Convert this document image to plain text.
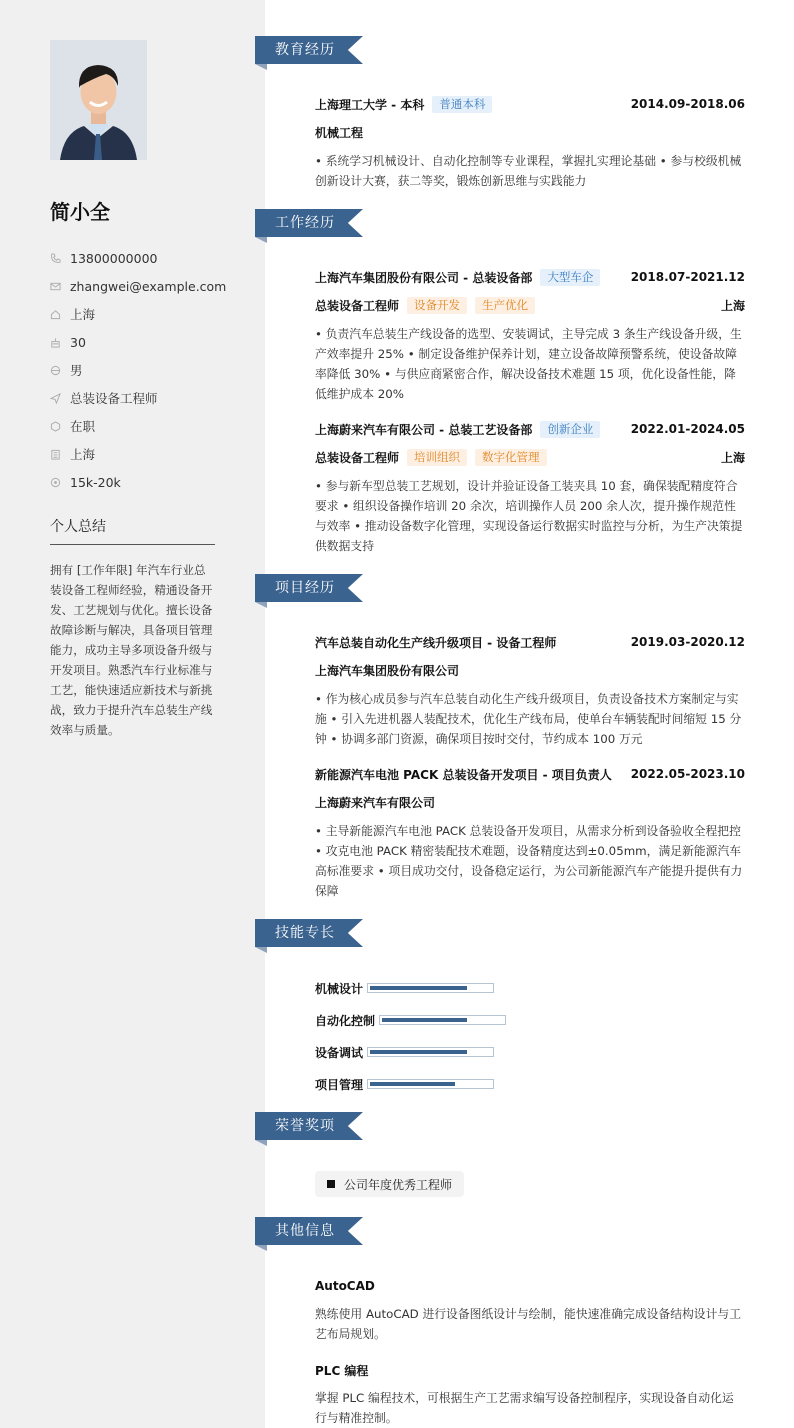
简小全
13800000000
zhangwei@example.com
上海
30
男
总装设备工程师
在职
上海
15k-20k
个人总结
拥有 [工作年限] 年汽车行业总装设备工程师经验，精通设备开发、工艺规划与优化。擅长设备故障诊断与解决，具备项目管理能力，成功主导多项设备升级与开发项目。熟悉汽车行业标准与工艺，能快速适应新技术与新挑战，致力于提升汽车总装生产线效率与质量。
教育经历
上海理工大学 - 本科	普通本科	2014.09-2018.06
机械工程
• 系统学习机械设计、自动化控制等专业课程，掌握扎实理论基础 • 参与校级机械创新设计大赛，获二等奖，锻炼创新思维与实践能力
工作经历
上海汽车集团股份有限公司 - 总装设备部	大型车企	2018.07-2021.12
总装设备工程师	设备开发	生产优化	上海
• 负责汽车总装生产线设备的选型、安装调试，主导完成 3 条生产线设备升级，生产效率提升 25% • 制定设备维护保养计划，建立设备故障预警系统，使设备故障率降低 30% • 与供应商紧密合作，解决设备技术难题 15 项，优化设备性能，降低维护成本 20%
上海蔚来汽车有限公司 - 总装工艺设备部	创新企业	2022.01-2024.05
总装设备工程师	培训组织	数字化管理	上海
• 参与新车型总装工艺规划，设计并验证设备工装夹具 10 套，确保装配精度符合要求 • 组织设备操作培训 20 余次，培训操作人员 200 余人次，提升操作规范性与效率 • 推动设备数字化管理，实现设备运行数据实时监控与分析，为生产决策提供数据支持
项目经历
汽车总装自动化生产线升级项目 - 设备工程师	2019.03-2020.12
上海汽车集团股份有限公司
• 作为核心成员参与汽车总装自动化生产线升级项目，负责设备技术方案制定与实施 • 引入先进机器人装配技术，优化生产线布局，使单台车辆装配时间缩短 15 分钟 • 协调多部门资源，确保项目按时交付，节约成本 100 万元
新能源汽车电池 PACK 总装设备开发项目 - 项目负责人 2022.05-2023.10
上海蔚来汽车有限公司
• 主导新能源汽车电池 PACK 总装设备开发项目，从需求分析到设备验收全程把控 • 攻克电池 PACK 精密装配技术难题，设备精度达到±0.05mm，满足新能源汽车高标准要求 • 项目成功交付，设备稳定运行，为公司新能源汽车产能提升提供有力保障
技能专长
机械设计
自动化控制
设备调试
项目管理
荣誉奖项
公司年度优秀工程师
其他信息
AutoCAD
熟练使用 AutoCAD 进行设备图纸设计与绘制，能快速准确完成设备结构设计与工艺布局规划。
PLC 编程
掌握 PLC 编程技术，可根据生产工艺需求编写设备控制程序，实现设备自动化运行与精准控制。
